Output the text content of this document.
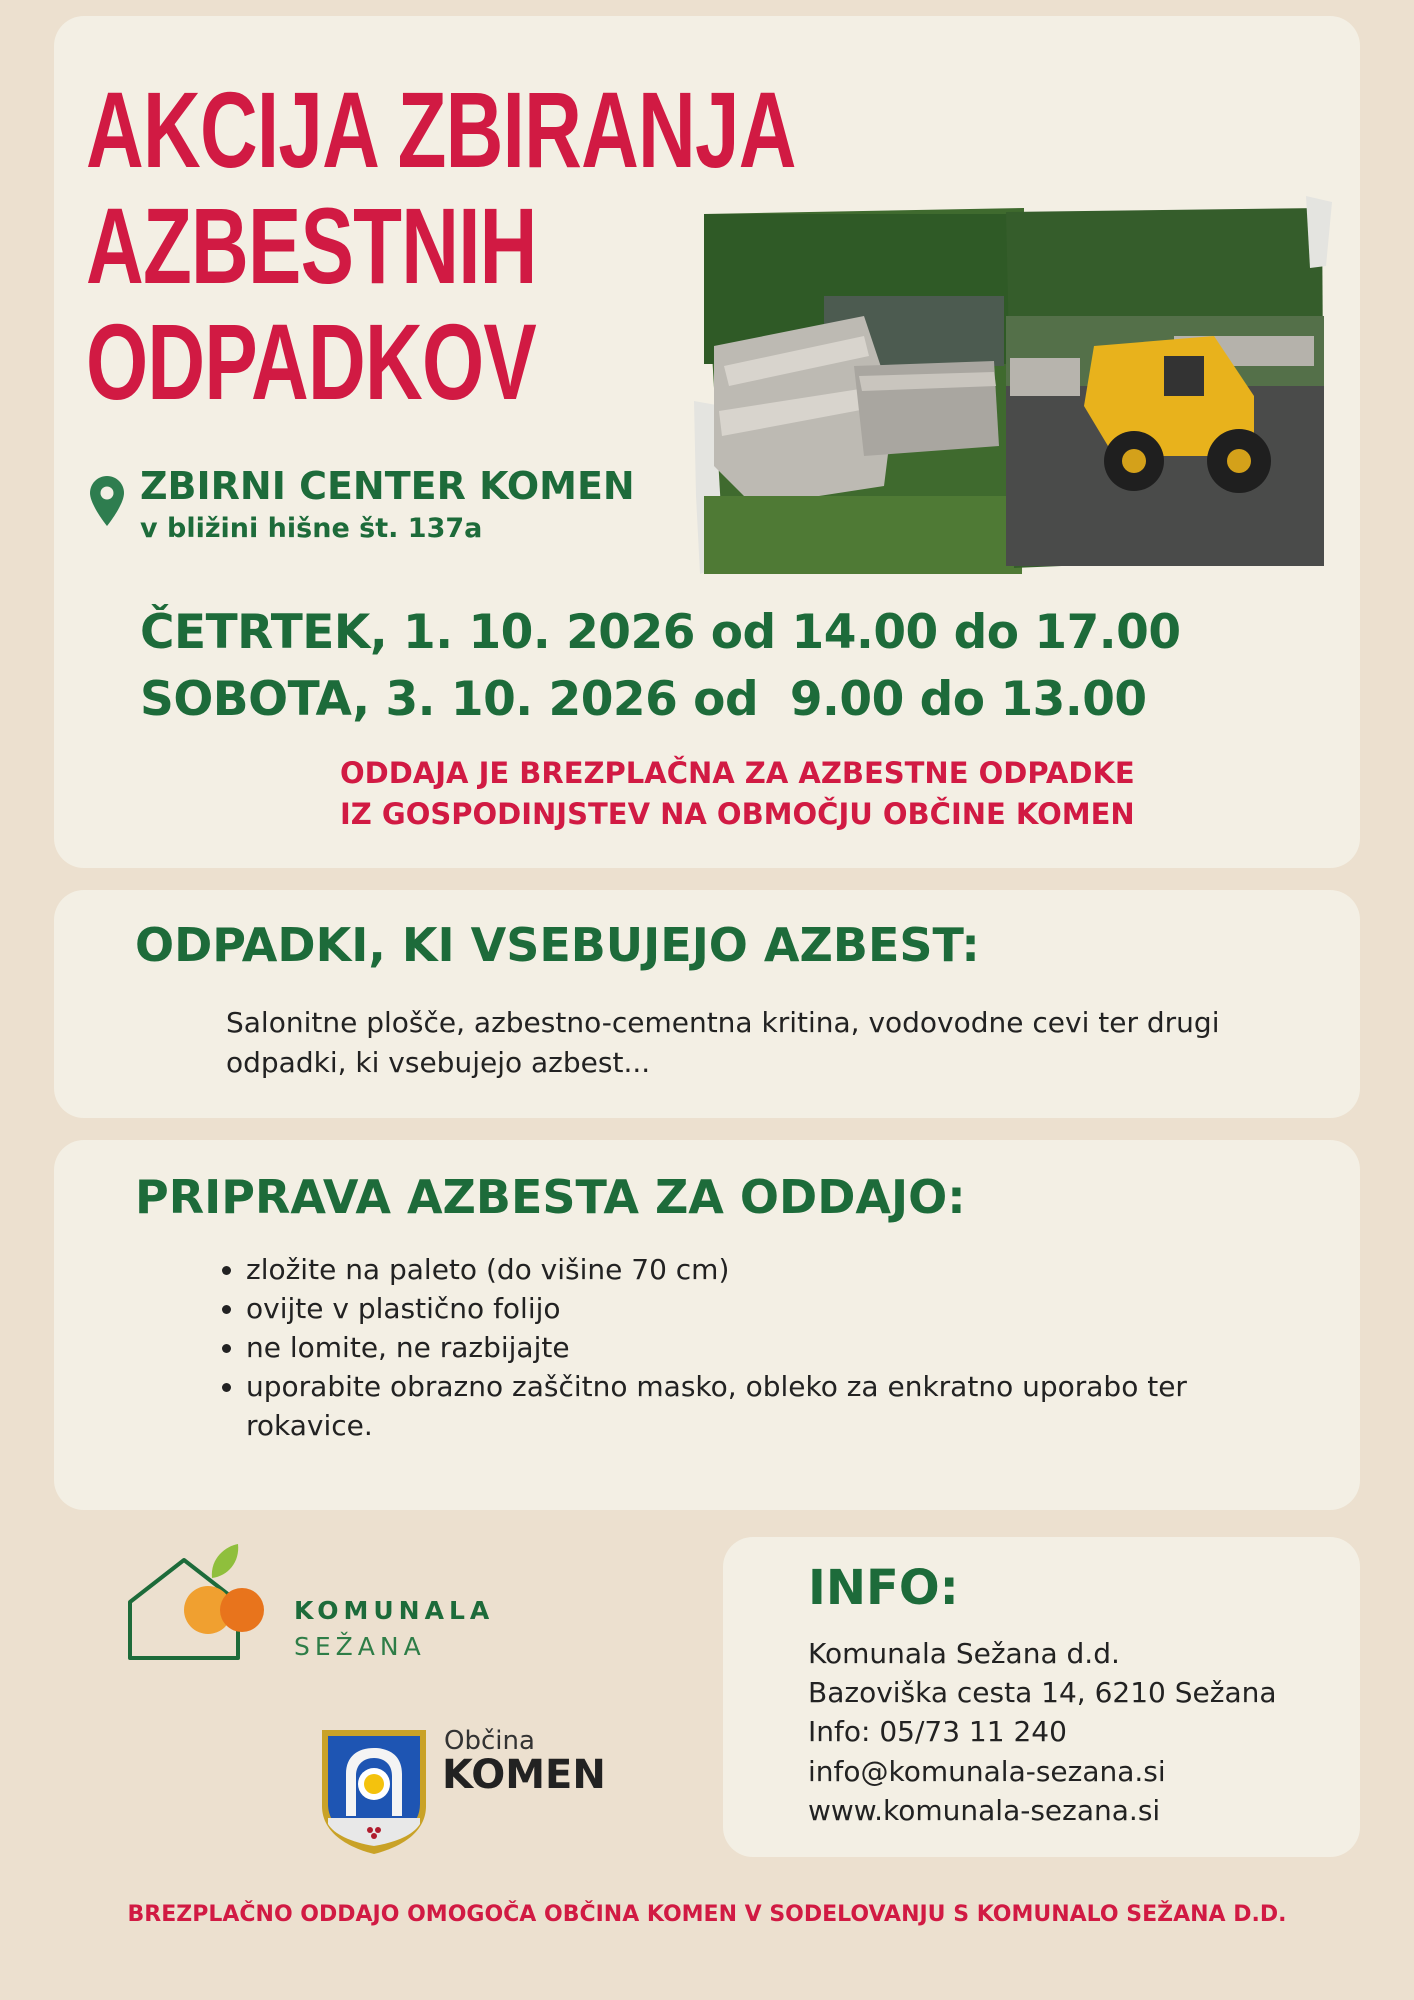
AKCIJA ZBIRANJA
AZBESTNIH
ODPADKOV
ZBIRNI CENTER KOMEN
v bližini hišne št. 137a
ČETRTEK, 1. 10. 2026 od 14.00 do 17.00
SOBOTA, 3. 10. 2026 od  9.00 do 13.00
ODDAJA JE BREZPLAČNA ZA AZBESTNE ODPADKE
IZ GOSPODINJSTEV NA OBMOČJU OBČINE KOMEN
ODPADKI, KI VSEBUJEJO AZBEST:
Salonitne plošče, azbestno-cementna kritina, vodovodne cevi ter drugi odpadki, ki vsebujejo azbest...
PRIPRAVA AZBESTA ZA ODDAJO:
• zložite na paleto (do višine 70 cm)
• ovijte v plastično folijo
• ne lomite, ne razbijajte
• uporabite obrazno zaščitno masko, obleko za enkratno uporabo ter rokavice.
KOMUNALA
SEŽANA
Občina
KOMEN
INFO:
Komunala Sežana d.d.
Bazoviška cesta 14, 6210 Sežana
Info: 05/73 11 240
info@komunala-sezana.si
www.komunala-sezana.si
BREZPLAČNO ODDAJO OMOGOČA OBČINA KOMEN V SODELOVANJU S KOMUNALO SEŽANA D.D.
